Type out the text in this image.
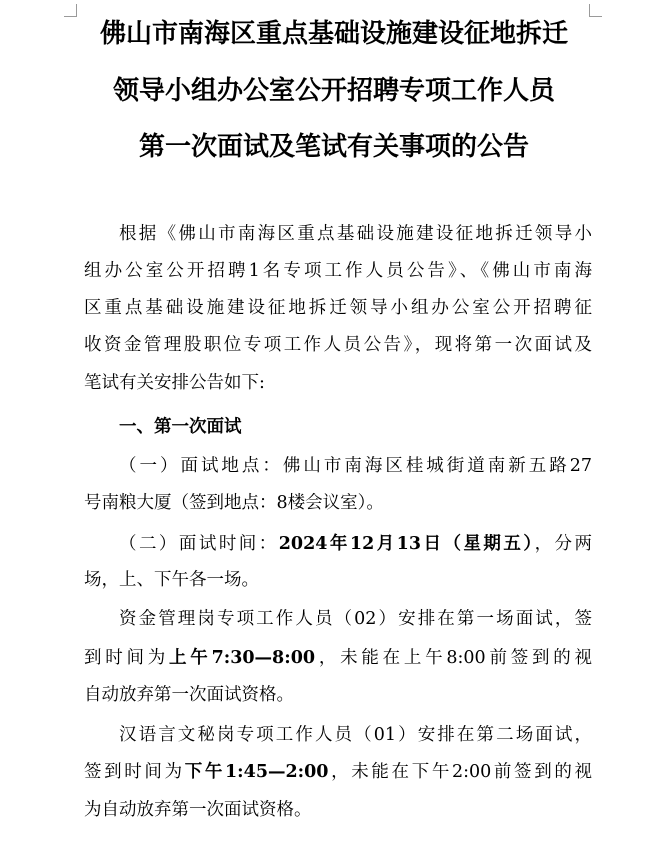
佛山市南海区重点基础设施建设征地拆迁
领导小组办公室公开招聘专项工作人员
第一次面试及笔试有关事项的公告
根据《佛山市南海区重点基础设施建设征地拆迁领导小
组办公室公开招聘1名专项工作人员公告》、《佛山市南海
区重点基础设施建设征地拆迁领导小组办公室公开招聘征
收资金管理股职位专项工作人员公告》，现将第一次面试及
笔试有关安排公告如下:
一、第一次面试
（一）面试地点：佛山市南海区桂城街道南新五路27
号南粮大厦（签到地点：8楼会议室）。
（二）面试时间：2024年12月13日（星期五），分两
场，上、下午各一场。
资金管理岗专项工作人员（02）安排在第一场面试，签
到时间为上午7:30—8:00，未能在上午8:00前签到的视
自动放弃第一次面试资格。
汉语言文秘岗专项工作人员（01）安排在第二场面试，
签到时间为下午1:45—2:00，未能在下午2:00前签到的视
为自动放弃第一次面试资格。
